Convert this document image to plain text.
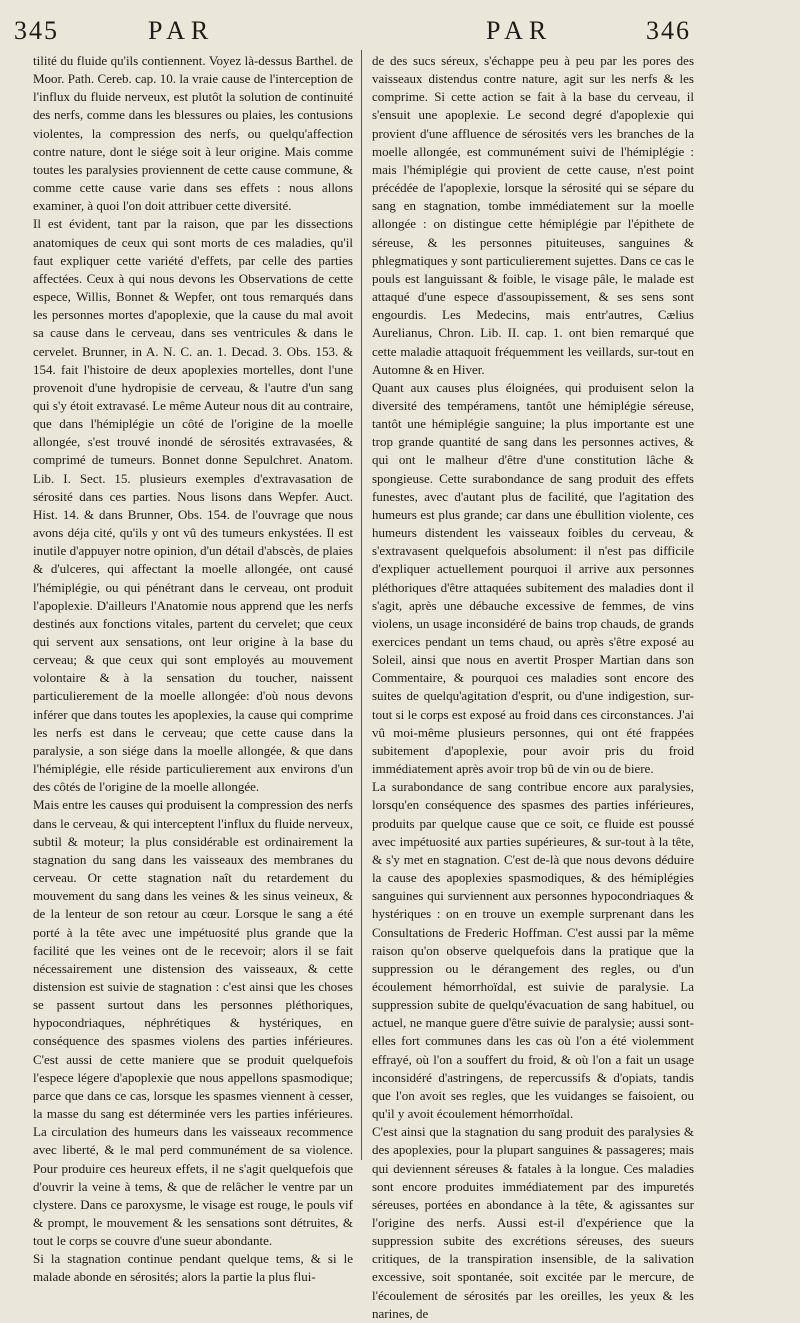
345	PAR	PAR	346

tilité du fluide qu'ils contiennent. Voyez là-dessus Barthel. de Moor. Path. Cereb. cap. 10. la vraie cause de l'interception de l'influx du fluide nerveux, est plutôt la solution de continuité des nerfs, comme dans les blessures ou plaies, les contusions violentes, la compression des nerfs, ou quelqu'affection contre nature, dont le siége soit à leur origine. Mais comme toutes les paralysies proviennent de cette cause commune, & comme cette cause varie dans ses effets : nous allons examiner, à quoi l'on doit attribuer cette diversité.

Il est évident, tant par la raison, que par les dissections anatomiques de ceux qui sont morts de ces maladies, qu'il faut expliquer cette variété d'effets, par celle des parties affectées. Ceux à qui nous devons les Observations de cette espece, Willis, Bonnet & Wepfer, ont tous remarqués dans les personnes mortes d'apoplexie, que la cause du mal avoit sa cause dans le cerveau, dans ses ventricules & dans le cervelet. Brunner, in A. N. C. an. 1. Decad. 3. Obs. 153. & 154. fait l'histoire de deux apoplexies mortelles, dont l'une provenoit d'une hydropisie de cerveau, & l'autre d'un sang qui s'y étoit extravasé. Le même Auteur nous dit au contraire, que dans l'hémiplégie un côté de l'origine de la moelle allongée, s'est trouvé inondé de sérosités extravasées, & comprimé de tumeurs. Bonnet donne Sepulchret. Anatom. Lib. I. Sect. 15. plusieurs exemples d'extravasation de sérosité dans ces parties. Nous lisons dans Wepfer. Auct. Hist. 14. & dans Brunner, Obs. 154. de l'ouvrage que nous avons déja cité, qu'ils y ont vû des tumeurs enkystées. Il est inutile d'appuyer notre opinion, d'un détail d'abscès, de plaies & d'ulceres, qui affectant la moelle allongée, ont causé l'hémiplégie, ou qui pénétrant dans le cerveau, ont produit l'apoplexie. D'ailleurs l'Anatomie nous apprend que les nerfs destinés aux fonctions vitales, partent du cervelet; que ceux qui servent aux sensations, ont leur origine à la base du cerveau; & que ceux qui sont employés au mouvement volontaire & à la sensation du toucher, naissent particulierement de la moelle allongée: d'où nous devons inférer que dans toutes les apoplexies, la cause qui comprime les nerfs est dans le cerveau; que cette cause dans la paralysie, a son siége dans la moelle allongée, & que dans l'hémiplégie, elle réside particulierement aux environs d'un des côtés de l'origine de la moelle allongée.

Mais entre les causes qui produisent la compression des nerfs dans le cerveau, & qui interceptent l'influx du fluide nerveux, subtil & moteur; la plus considérable est ordinairement la stagnation du sang dans les vaisseaux des membranes du cerveau. Or cette stagnation naît du retardement du mouvement du sang dans les veines & les sinus veineux, & de la lenteur de son retour au cœur. Lorsque le sang a été porté à la tête avec une impétuosité plus grande que la facilité que les veines ont de le recevoir; alors il se fait nécessairement une distension des vaisseaux, & cette distension est suivie de stagnation : c'est ainsi que les choses se passent surtout dans les personnes pléthoriques, hypocondriaques, néphrétiques & hystériques, en conséquence des spasmes violens des parties inférieures. C'est aussi de cette maniere que se produit quelquefois l'espece légere d'apoplexie que nous appellons spasmodique; parce que dans ce cas, lorsque les spasmes viennent à cesser, la masse du sang est déterminée vers les parties inférieures. La circulation des humeurs dans les vaisseaux recommence avec liberté, & le mal perd communément de sa violence. Pour produire ces heureux effets, il ne s'agit quelquefois que d'ouvrir la veine à tems, & que de relâcher le ventre par un clystere. Dans ce paroxysme, le visage est rouge, le pouls vif & prompt, le mouvement & les sensations sont détruites, & tout le corps se couvre d'une sueur abondante.

Si la stagnation continue pendant quelque tems, & si le malade abonde en sérosités; alors la partie la plus flui-

de des sucs séreux, s'échappe peu à peu par les pores des vaisseaux distendus contre nature, agit sur les nerfs & les comprime. Si cette action se fait à la base du cerveau, il s'ensuit une apoplexie. Le second degré d'apoplexie qui provient d'une affluence de sérosités vers les branches de la moelle allongée, est communément suivi de l'hémiplégie : mais l'hémiplégie qui provient de cette cause, n'est point précédée de l'apoplexie, lorsque la sérosité qui se sépare du sang en stagnation, tombe immédiatement sur la moelle allongée : on distingue cette hémiplégie par l'épithete de séreuse, & les personnes pituiteuses, sanguines & phlegmatiques y sont particulierement sujettes. Dans ce cas le pouls est languissant & foible, le visage pâle, le malade est attaqué d'une espece d'assoupissement, & ses sens sont engourdis. Les Medecins, mais entr'autres, Cælius Aurelianus, Chron. Lib. II. cap. 1. ont bien remarqué que cette maladie attaquoit fréquemment les veillards, sur-tout en Automne & en Hiver.

Quant aux causes plus éloignées, qui produisent selon la diversité des tempéramens, tantôt une hémiplégie séreuse, tantôt une hémiplégie sanguine; la plus importante est une trop grande quantité de sang dans les personnes actives, & qui ont le malheur d'être d'une constitution lâche & spongieuse. Cette surabondance de sang produit des effets funestes, avec d'autant plus de facilité, que l'agitation des humeurs est plus grande; car dans une ébullition violente, ces humeurs distendent les vaisseaux foibles du cerveau, & s'extravasent quelquefois absolument: il n'est pas difficile d'expliquer actuellement pourquoi il arrive aux personnes pléthoriques d'être attaquées subitement des maladies dont il s'agit, après une débauche excessive de femmes, de vins violens, un usage inconsidéré de bains trop chauds, de grands exercices pendant un tems chaud, ou après s'être exposé au Soleil, ainsi que nous en avertit Prosper Martian dans son Commentaire, & pourquoi ces maladies sont encore des suites de quelqu'agitation d'esprit, ou d'une indigestion, sur-tout si le corps est exposé au froid dans ces circonstances. J'ai vû moi-même plusieurs personnes, qui ont été frappées subitement d'apoplexie, pour avoir pris du froid immédiatement après avoir trop bû de vin ou de biere.

La surabondance de sang contribue encore aux paralysies, lorsqu'en conséquence des spasmes des parties inférieures, produits par quelque cause que ce soit, ce fluide est poussé avec impétuosité aux parties supérieures, & sur-tout à la tête, & s'y met en stagnation. C'est de-là que nous devons déduire la cause des apoplexies spasmodiques, & des hémiplégies sanguines qui surviennent aux personnes hypocondriaques & hystériques : on en trouve un exemple surprenant dans les Consultations de Frederic Hoffman. C'est aussi par la même raison qu'on observe quelquefois dans la pratique que la suppression ou le dérangement des regles, ou d'un écoulement hémorrhoïdal, est suivie de paralysie. La suppression subite de quelqu'évacuation de sang habituel, ou actuel, ne manque guere d'être suivie de paralysie; aussi sont-elles fort communes dans les cas où l'on a été violemment effrayé, où l'on a souffert du froid, & où l'on a fait un usage inconsidéré d'astringens, de repercussifs & d'opiats, tandis que l'on avoit ses regles, que les vuidanges se faisoient, ou qu'il y avoit écoulement hémorrhoïdal.

C'est ainsi que la stagnation du sang produit des paralysies & des apoplexies, pour la plupart sanguines & passageres; mais qui deviennent séreuses & fatales à la longue. Ces maladies sont encore produites immédiatement par des impuretés séreuses, portées en abondance à la tête, & agissantes sur l'origine des nerfs. Aussi est-il d'expérience que la suppression subite des excrétions séreuses, des sueurs critiques, de la transpiration insensible, de la salivation excessive, soit spontanée, soit excitée par le mercure, de l'écoulement de sérosités par les oreilles, les yeux & les narines, de
